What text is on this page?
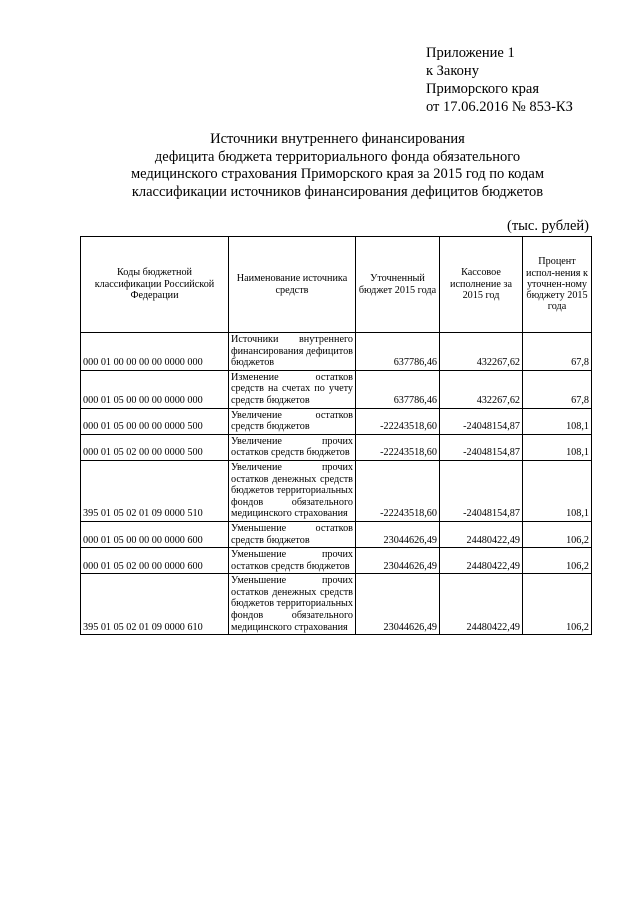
Приложение 1
к Закону
Приморского края
от 17.06.2016 № 853-КЗ
Источники внутреннего финансирования
дефицита бюджета территориального фонда обязательного
медицинского страхования Приморского края за 2015 год по кодам
классификации источников финансирования дефицитов бюджетов
(тыс. рублей)
Коды бюджетной классификации Российской Федерации	Наименование источника средств	Уточненный бюджет 2015 года	Кассовое исполнение за 2015 год	Процент испол-нения к уточнен-ному бюджету 2015 года
000 01 00 00 00 00 0000 000	Источники внутреннего финансирования дефицитов бюджетов	637786,46	432267,62	67,8
000 01 05 00 00 00 0000 000	Изменение остатков средств на счетах по учету средств бюджетов	637786,46	432267,62	67,8
000 01 05 00 00 00 0000 500	Увеличение остатков средств бюджетов	-22243518,60	-24048154,87	108,1
000 01 05 02 00 00 0000 500	Увеличение прочих остатков средств бюджетов	-22243518,60	-24048154,87	108,1
395 01 05 02 01 09 0000 510	Увеличение прочих остатков денежных средств бюджетов территориальных фондов обязательного медицинского страхования	-22243518,60	-24048154,87	108,1
000 01 05 00 00 00 0000 600	Уменьшение остатков средств бюджетов	23044626,49	24480422,49	106,2
000 01 05 02 00 00 0000 600	Уменьшение прочих остатков средств бюджетов	23044626,49	24480422,49	106,2
395 01 05 02 01 09 0000 610	Уменьшение прочих остатков денежных средств бюджетов территориальных фондов обязательного медицинского страхования	23044626,49	24480422,49	106,2
